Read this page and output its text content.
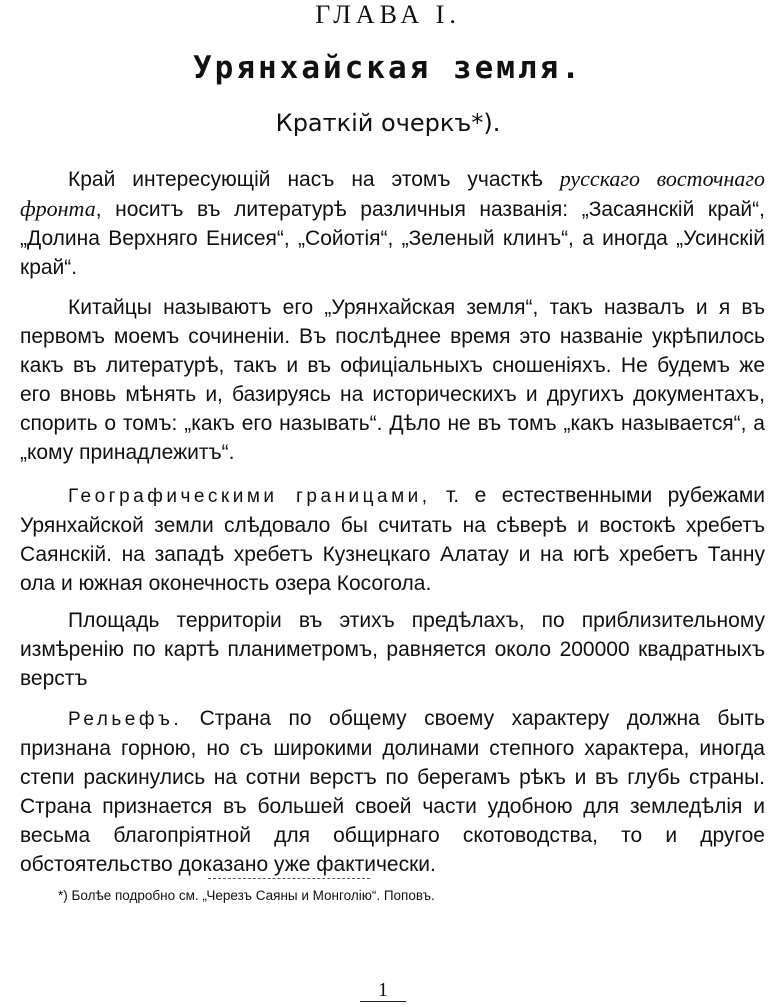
ГЛАВА I.
Урянхайская земля.
Краткій очеркъ*).

Край интересующій насъ на этомъ участкѣ русскаго восточнаго фронта, носитъ въ литературѣ различныя названія: „Засаянскій край“, „Долина Верхняго Енисея“, „Сойотія“, „Зеленый клинъ“, а иногда „Усинскій край“.

Китайцы называютъ его „Урянхайская земля“, такъ назвалъ и я въ первомъ моемъ сочиненіи. Въ послѣднее время это названіе укрѣпилось какъ въ литературѣ, такъ и въ офиціальныхъ сношеніяхъ. Не будемъ же его вновь мѣнять и, базируясь на историческихъ и другихъ документахъ, спорить о томъ: „какъ его называть“. Дѣло не въ томъ „какъ называется“, а „кому принадлежитъ“.

Географическими границами, т. е естественными рубежами Урянхайской земли слѣдовало бы считать на сѣверѣ и востокѣ хребетъ Саянскій. на западѣ хребетъ Кузнецкаго Алатау и на югѣ хребетъ Танну ола и южная оконечность озера Косогола.

Площадь территоріи въ этихъ предѣлахъ, по приблизительному измѣренію по картѣ планиметромъ, равняется около 200000 квадратныхъ верстъ

Рельефъ. Страна по общему своему характеру должна быть признана горною, но съ широкими долинами степного характера, иногда степи раскинулись на сотни верстъ по берегамъ рѣкъ и въ глубь страны. Страна признается въ большей своей части удобною для земледѣлія и весьма благопріятной для общирнаго скотоводства, то и другое обстоятельство доказано уже фактически.

*) Болѣе подробно см. „Черезъ Саяны и Монголію“. Поповъ.
1
